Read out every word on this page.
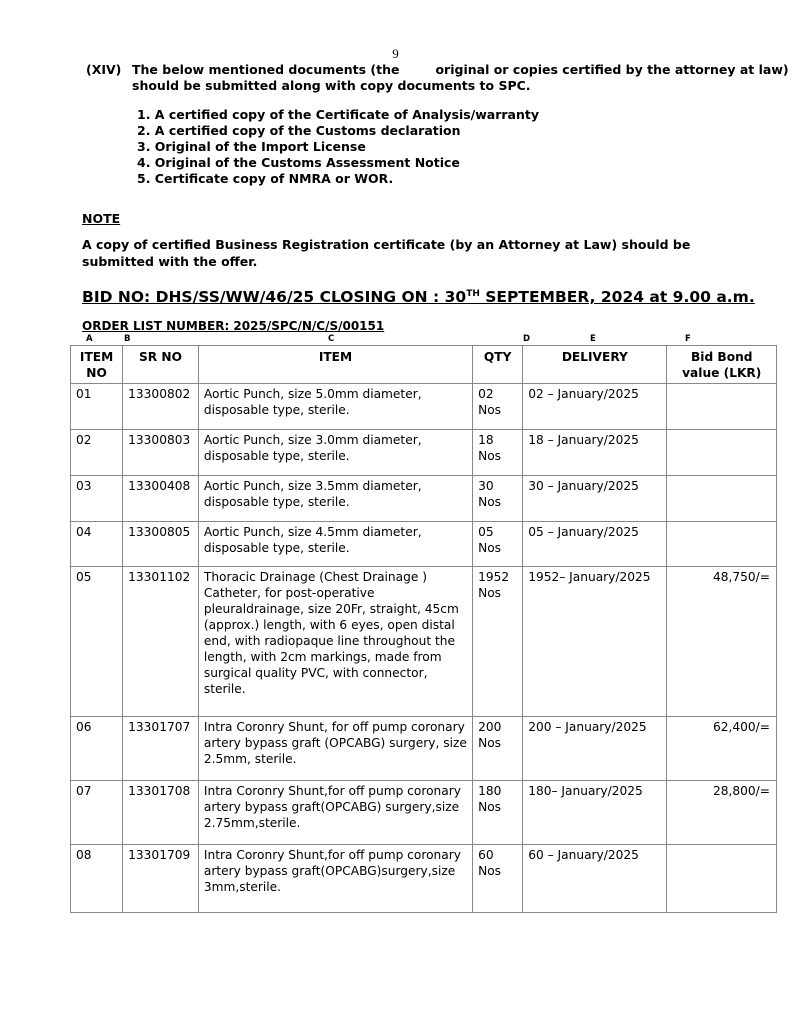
9
(XIV) The below mentioned documents (the	original or copies certified by the attorney at law)
should be submitted along with copy documents to SPC.
1. A certified copy of the Certificate of Analysis/warranty
2. A certified copy of the Customs declaration
3. Original of the Import License
4. Original of the Customs Assessment Notice
5. Certificate copy of NMRA or WOR.
NOTE
A copy of certified Business Registration certificate (by an Attorney at Law) should be submitted with the offer.
BID NO: DHS/SS/WW/46/25 CLOSING ON : 30TH SEPTEMBER, 2024 at 9.00 a.m.
ORDER LIST NUMBER: 2025/SPC/N/C/S/00151
A	B	C	D	E	F
ITEM NO	SR NO	ITEM	QTY	DELIVERY	Bid Bond value (LKR)
01	13300802	Aortic Punch, size 5.0mm diameter, disposable type, sterile.	02 Nos	02 – January/2025	
02	13300803	Aortic Punch, size 3.0mm diameter, disposable type, sterile.	18 Nos	18 – January/2025	
03	13300408	Aortic Punch, size 3.5mm diameter, disposable type, sterile.	30 Nos	30 – January/2025	
04	13300805	Aortic Punch, size 4.5mm diameter, disposable type, sterile.	05 Nos	05 – January/2025	
05	13301102	Thoracic Drainage (Chest Drainage ) Catheter, for post-operative pleuraldrainage, size 20Fr, straight, 45cm (approx.) length, with 6 eyes, open distal end, with radiopaque line throughout the length, with 2cm markings, made from surgical quality PVC, with connector, sterile.	1952 Nos	1952– January/2025	48,750/=
06	13301707	Intra Coronry Shunt, for off pump coronary artery bypass graft (OPCABG) surgery, size 2.5mm, sterile.	200 Nos	200 – January/2025	62,400/=
07	13301708	Intra Coronry Shunt,for off pump coronary artery bypass graft(OPCABG) surgery,size 2.75mm,sterile.	180 Nos	180– January/2025	28,800/=
08	13301709	Intra Coronry Shunt,for off pump coronary artery bypass graft(OPCABG)surgery,size 3mm,sterile.	60 Nos	60 – January/2025	
